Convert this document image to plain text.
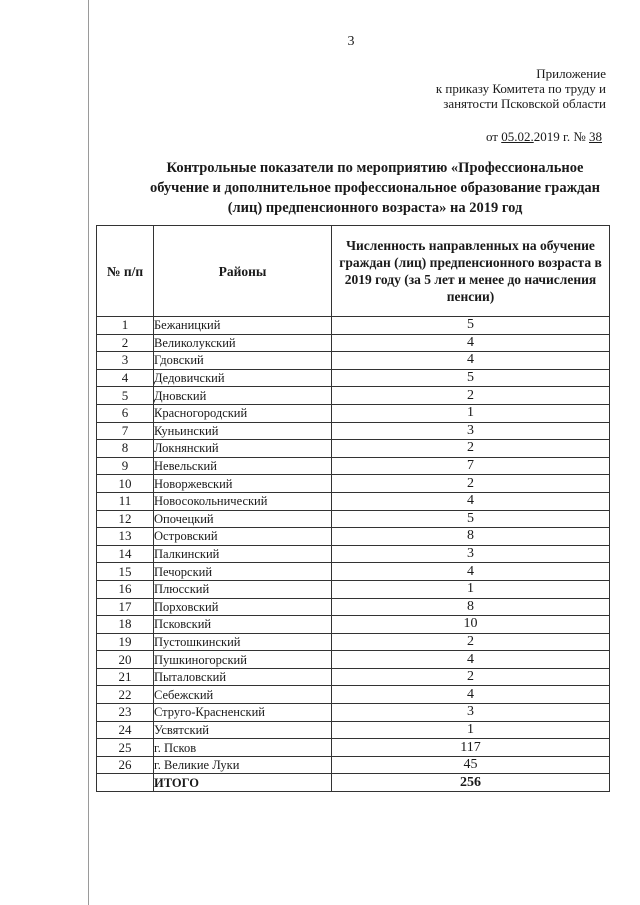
3
Приложение
к приказу Комитета по труду и
занятости Псковской области
от 05.02.2019 г. № 38
Контрольные показатели по мероприятию «Профессиональное обучение и дополнительное профессиональное образование граждан (лиц) предпенсионного возраста» на 2019 год
№ п/п	Районы	Численность направленных на обучение граждан (лиц) предпенсионного возраста в 2019 году (за 5 лет и менее до начисления пенсии)
1	Бежаницкий	5
2	Великолукский	4
3	Гдовский	4
4	Дедовичский	5
5	Дновский	2
6	Красногородский	1
7	Куньинский	3
8	Локнянский	2
9	Невельский	7
10	Новоржевский	2
11	Новосокольнический	4
12	Опочецкий	5
13	Островский	8
14	Палкинский	3
15	Печорский	4
16	Плюсский	1
17	Порховский	8
18	Псковский	10
19	Пустошкинский	2
20	Пушкиногорский	4
21	Пыталовский	2
22	Себежский	4
23	Струго-Красненский	3
24	Усвятский	1
25	г. Псков	117
26	г. Великие Луки	45
	ИТОГО	256
